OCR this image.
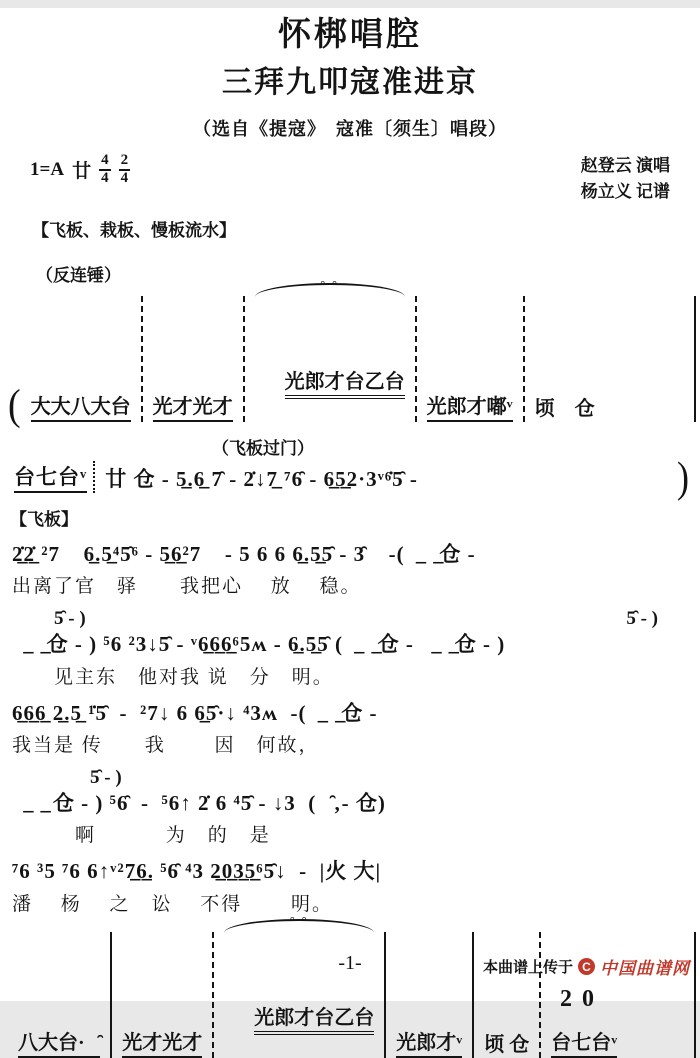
怀梆唱腔
三拜九叩寇准进京
（选自《提寇》　寇准〔须生〕唱段）
1=A 廿 $\frac{4}{4} \frac{2}{4}$	赵登云 演唱
杨立义 记谱
【飞板、栽板、慢板流水】
（反连锤）
( 大大八大台	光才光才

° °

光郎才台乙台

光郎才嘟ᵛ	顷　仓
（飞板过门）
台七台ᵛ 廿 仓 - 5̲.6̲ 7̑ - 2̇↓7̲ ⁷6̑ - 6̲5̲2·3ᵛ⁶̇5̑ -	)
【飞板】
2̲̇2̲̇ ²7≀ 6̲.5̲⁴5̑⁶ - 5̲6̲²7≀ - 5 6 6 6̲.5̲5̑ - 3̑≀ -(大̲台̲仓 -
出离了官　驿　　我把心　 放　 稳。
5̑ - )	5̑ - )
才̲台̲仓 - ) ⁵6 ²3↓5̑ - ᵛ6̲6̲6̲⁶5ʍ - 6̲.5̲5̑ (大̲台̲仓 - 才̲台̲仓 - )
　　见主东　他对我 说　分　明。
6̲6̲6̲ 2̲.5̲ ¹̇5̑  -  ²7↓ 6 6̲5̑·↓ ⁴3ʍ  -(大̲台̲仓 -
我当是 传　　我　　 因　何故，
5̑ - )
才̲台̲ 仓 - ) ⁵6̑  -  ⁵6↑ 2̇ 6 ⁴5̑ - ↓3  (嘟̑‚- 仓)
　　　啊　　　 为　的　是
⁷6 ³5 ⁷6 6↑ᵛ²7̲6̲. ⁵6̑ ⁴3 2̲0̲3̲5̲⁶5̑↓  -  |火 大|
潘　 杨　 之　讼　 不得　　 明。
八大台·嘟̑	光才光才

° °

光郎才台乙台

光郎才ᵛ	顷 仓	台七台ᵛ
-1-	本曲谱上传于 C 中国曲谱网
20
